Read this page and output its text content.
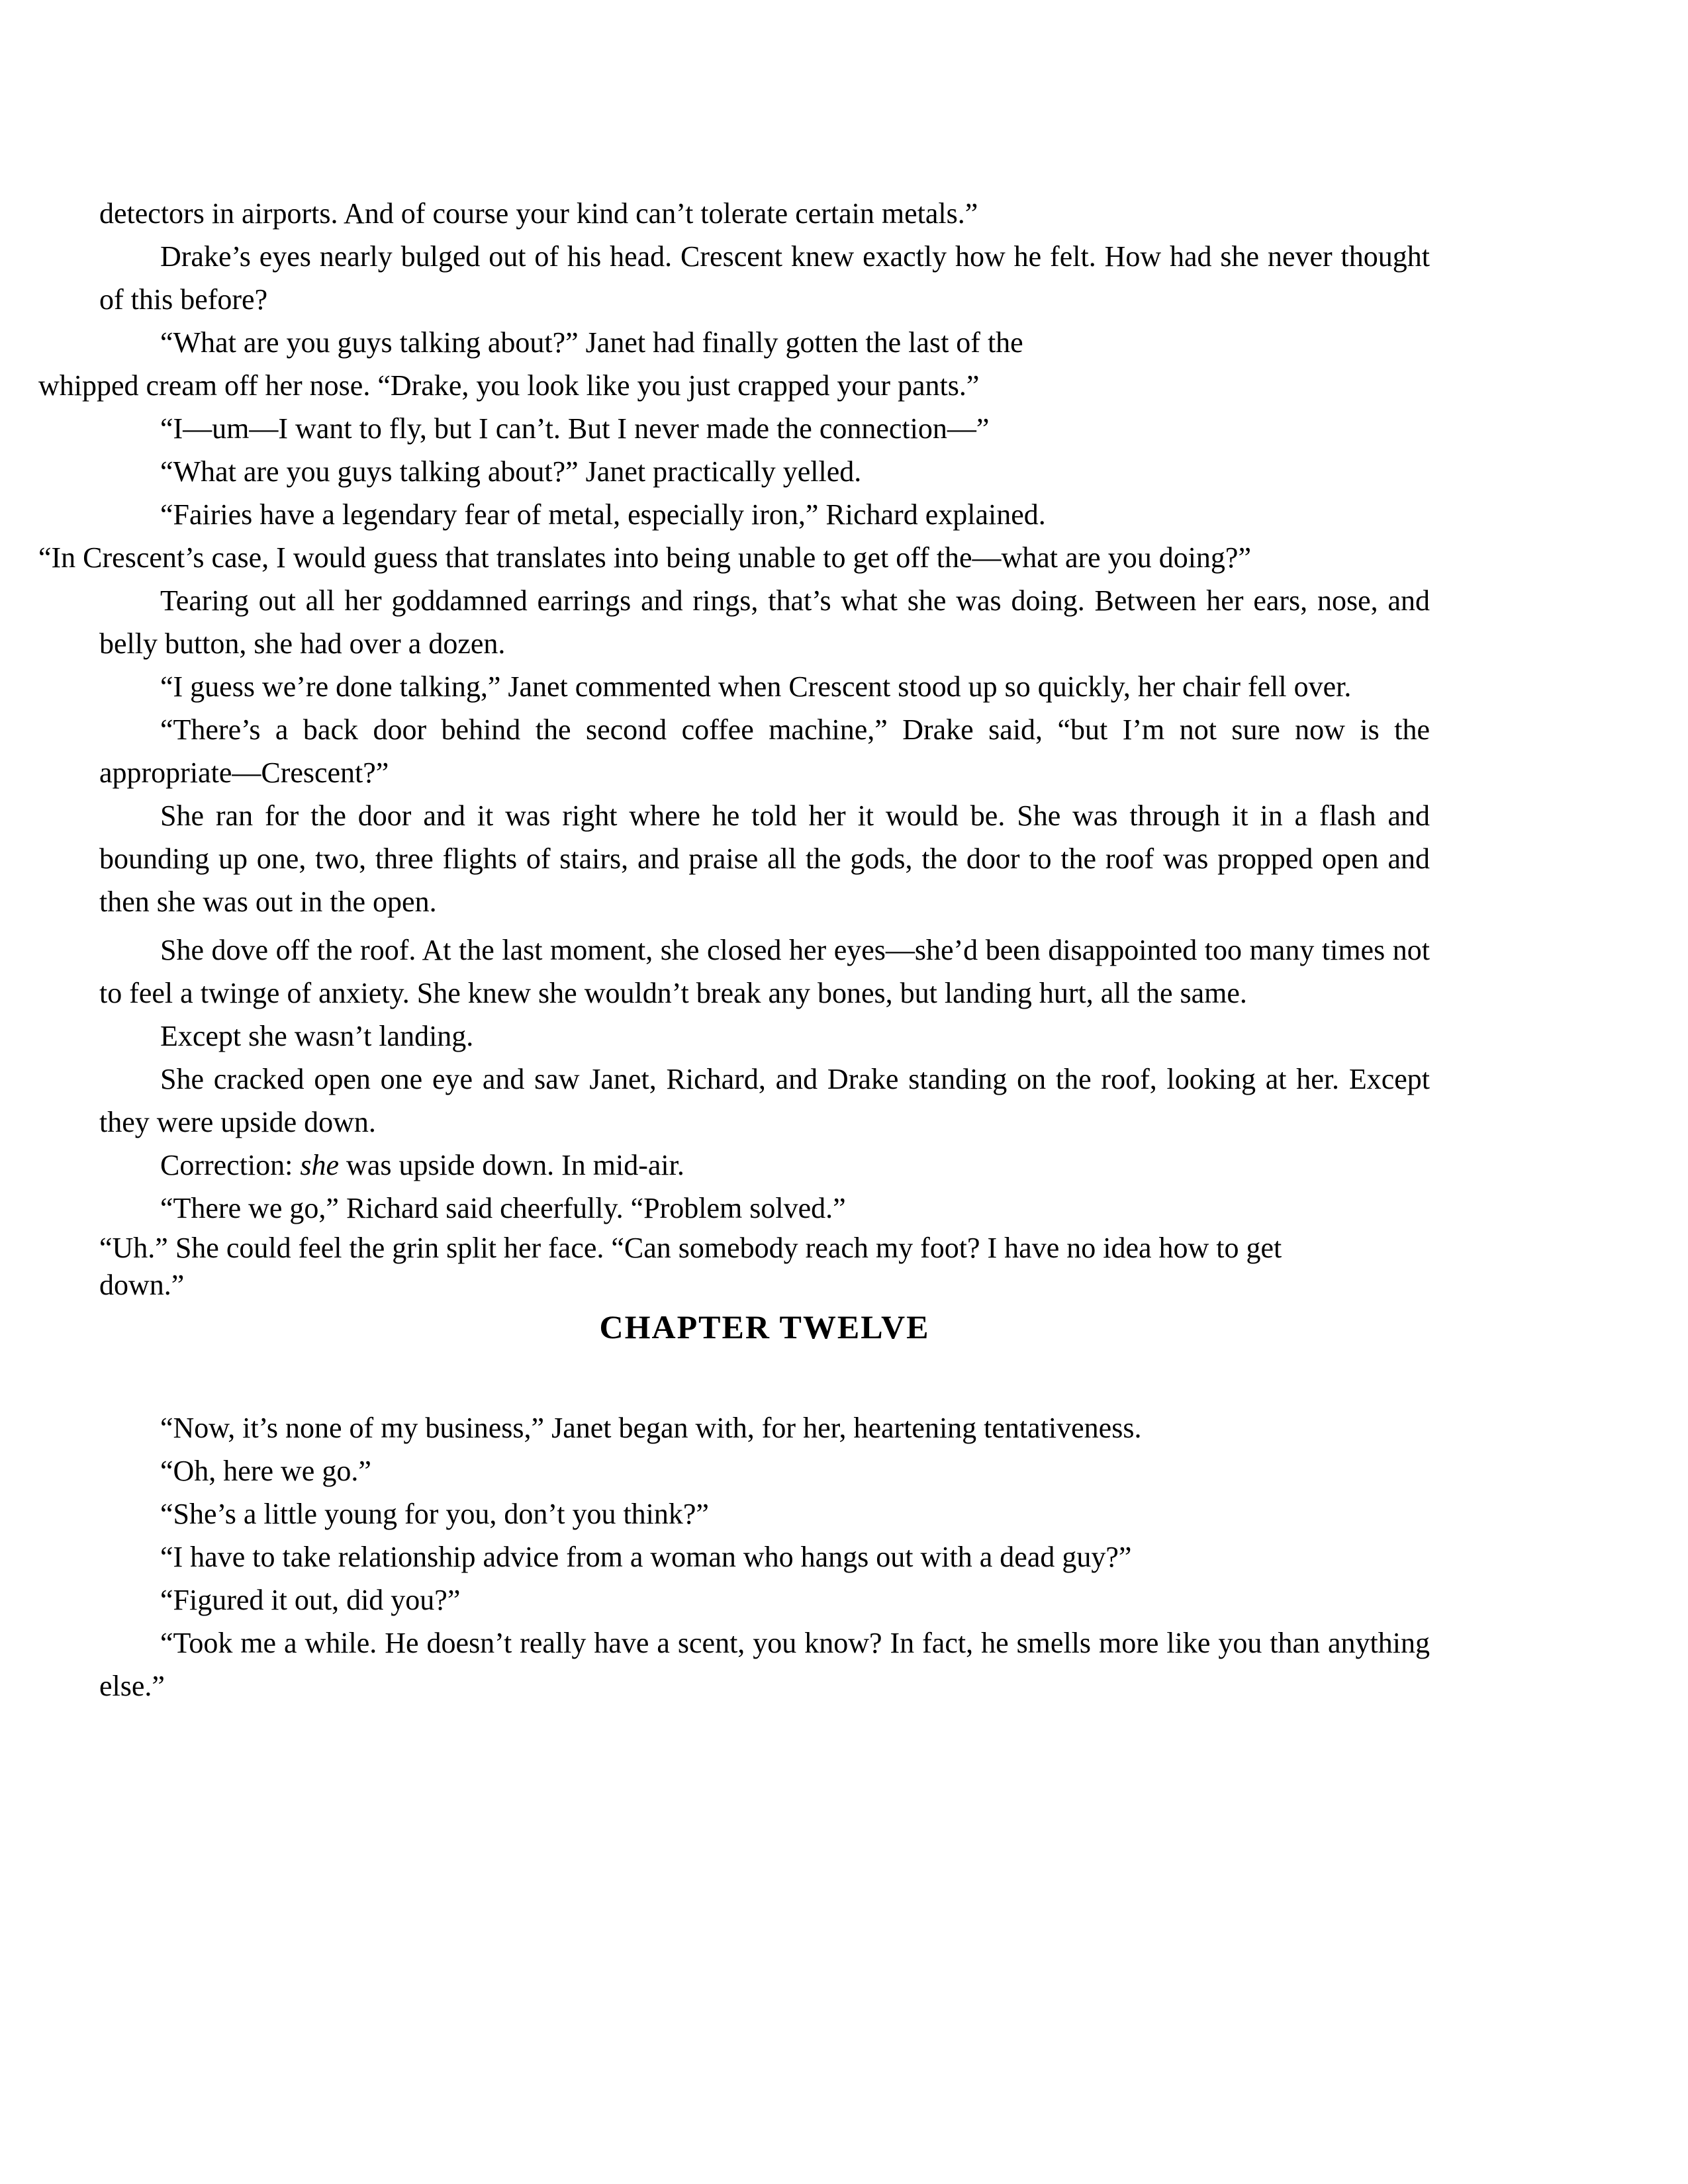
detectors in airports. And of course your kind can’t tolerate certain metals.”

Drake’s eyes nearly bulged out of his head. Crescent knew exactly how he felt. How had she never thought of this before?

“What are you guys talking about?” Janet had finally gotten the last of the
whipped cream off her nose. “Drake, you look like you just crapped your pants.”

“I—um—I want to fly, but I can’t. But I never made the connection—”

“What are you guys talking about?” Janet practically yelled.

“Fairies have a legendary fear of metal, especially iron,” Richard explained.
“In Crescent’s case, I would guess that translates into being unable to get off the—what are you doing?”

Tearing out all her goddamned earrings and rings, that’s what she was doing. Between her ears, nose, and belly button, she had over a dozen.

“I guess we’re done talking,” Janet commented when Crescent stood up so quickly, her chair fell over.

“There’s a back door behind the second coffee machine,” Drake said, “but I’m not sure now is the appropriate—Crescent?”

She ran for the door and it was right where he told her it would be. She was through it in a flash and bounding up one, two, three flights of stairs, and praise all the gods, the door to the roof was propped open and then she was out in the open.

She dove off the roof. At the last moment, she closed her eyes—she’d been disappointed too many times not to feel a twinge of anxiety. She knew she wouldn’t break any bones, but landing hurt, all the same.

Except she wasn’t landing.

She cracked open one eye and saw Janet, Richard, and Drake standing on the roof, looking at her. Except they were upside down.

Correction: she was upside down. In mid-air.

“There we go,” Richard said cheerfully. “Problem solved.”

“Uh.” She could feel the grin split her face. “Can somebody reach my foot? I have no idea how to get down.”

CHAPTER TWELVE

“Now, it’s none of my business,” Janet began with, for her, heartening tentativeness.

“Oh, here we go.”

“She’s a little young for you, don’t you think?”

“I have to take relationship advice from a woman who hangs out with a dead guy?”

“Figured it out, did you?”

“Took me a while. He doesn’t really have a scent, you know? In fact, he smells more like you than anything else.”
